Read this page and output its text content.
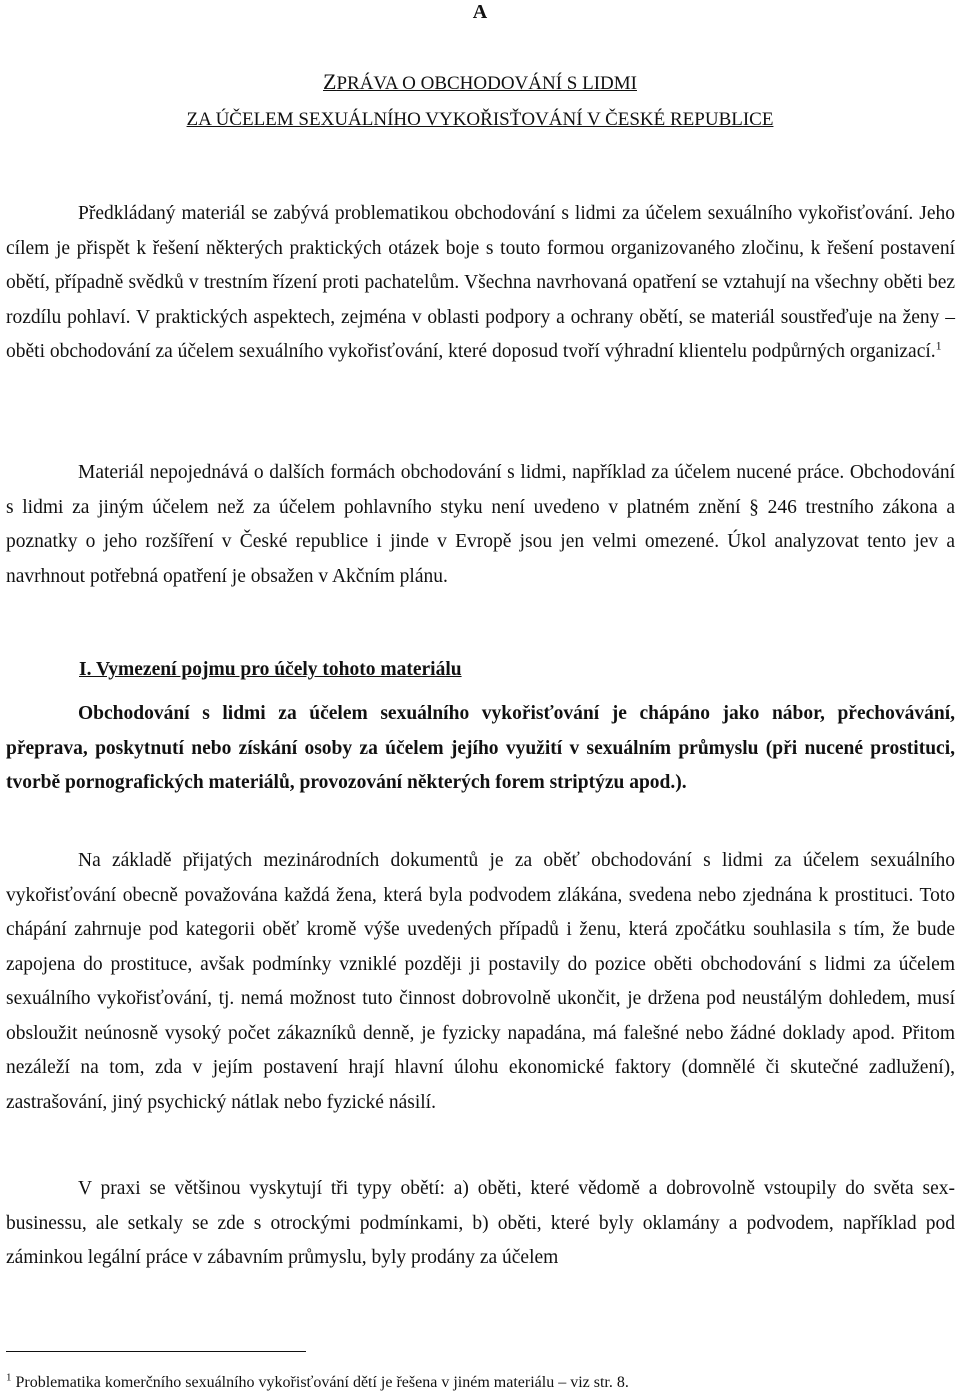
A
ZPRÁVA O OBCHODOVÁNÍ S LIDMI
ZA ÚČELEM SEXUÁLNÍHO VYKOŘISŤOVÁNÍ V ČESKÉ REPUBLICE

Předkládaný materiál se zabývá problematikou obchodování s lidmi za účelem sexuálního vykořisťování. Jeho cílem je přispět k řešení některých praktických otázek boje s touto formou organizovaného zločinu, k řešení postavení obětí, případně svědků v trestním řízení proti pachatelům. Všechna navrhovaná opatření se vztahují na všechny oběti bez rozdílu pohlaví. V praktických aspektech, zejména v oblasti podpory a ochrany obětí, se materiál soustřeďuje na ženy – oběti obchodování za účelem sexuálního vykořisťování, které doposud tvoří výhradní klientelu podpůrných organizací.$^1$

Materiál nepojednává o dalších formách obchodování s lidmi, například za účelem nucené práce. Obchodování s lidmi za jiným účelem než za účelem pohlavního styku není uvedeno v platném znění § 246 trestního zákona a poznatky o jeho rozšíření v České republice i jinde v Evropě jsou jen velmi omezené. Úkol analyzovat tento jev a navrhnout potřebná opatření je obsažen v Akčním plánu.

I. Vymezení pojmu pro účely tohoto materiálu

Obchodování s lidmi za účelem sexuálního vykořisťování je chápáno jako nábor, přechovávání, přeprava, poskytnutí nebo získání osoby za účelem jejího využití v sexuálním průmyslu (při nucené prostituci, tvorbě pornografických materiálů, provozování některých forem striptýzu apod.).

Na základě přijatých mezinárodních dokumentů je za oběť obchodování s lidmi za účelem sexuálního vykořisťování obecně považována každá žena, která byla podvodem zlákána, svedena nebo zjednána k prostituci. Toto chápání zahrnuje pod kategorii oběť kromě výše uvedených případů i ženu, která zpočátku souhlasila s tím, že bude zapojena do prostituce, avšak podmínky vzniklé později ji postavily do pozice oběti obchodování s lidmi za účelem sexuálního vykořisťování, tj. nemá možnost tuto činnost dobrovolně ukončit, je držena pod neustálým dohledem, musí obsloužit neúnosně vysoký počet zákazníků denně, je fyzicky napadána, má falešné nebo žádné doklady apod. Přitom nezáleží na tom, zda v jejím postavení hrají hlavní úlohu ekonomické faktory (domnělé či skutečné zadlužení), zastrašování, jiný psychický nátlak nebo fyzické násilí.

V praxi se většinou vyskytují tři typy obětí: a) oběti, které vědomě a dobrovolně vstoupily do světa sex-businessu, ale setkaly se zde s otrockými podmínkami, b) oběti, které byly oklamány a podvodem, například pod záminkou legální práce v zábavním průmyslu, byly prodány za účelem

$^1$ Problematika komerčního sexuálního vykořisťování dětí je řešena v jiném materiálu – viz str. 8.
